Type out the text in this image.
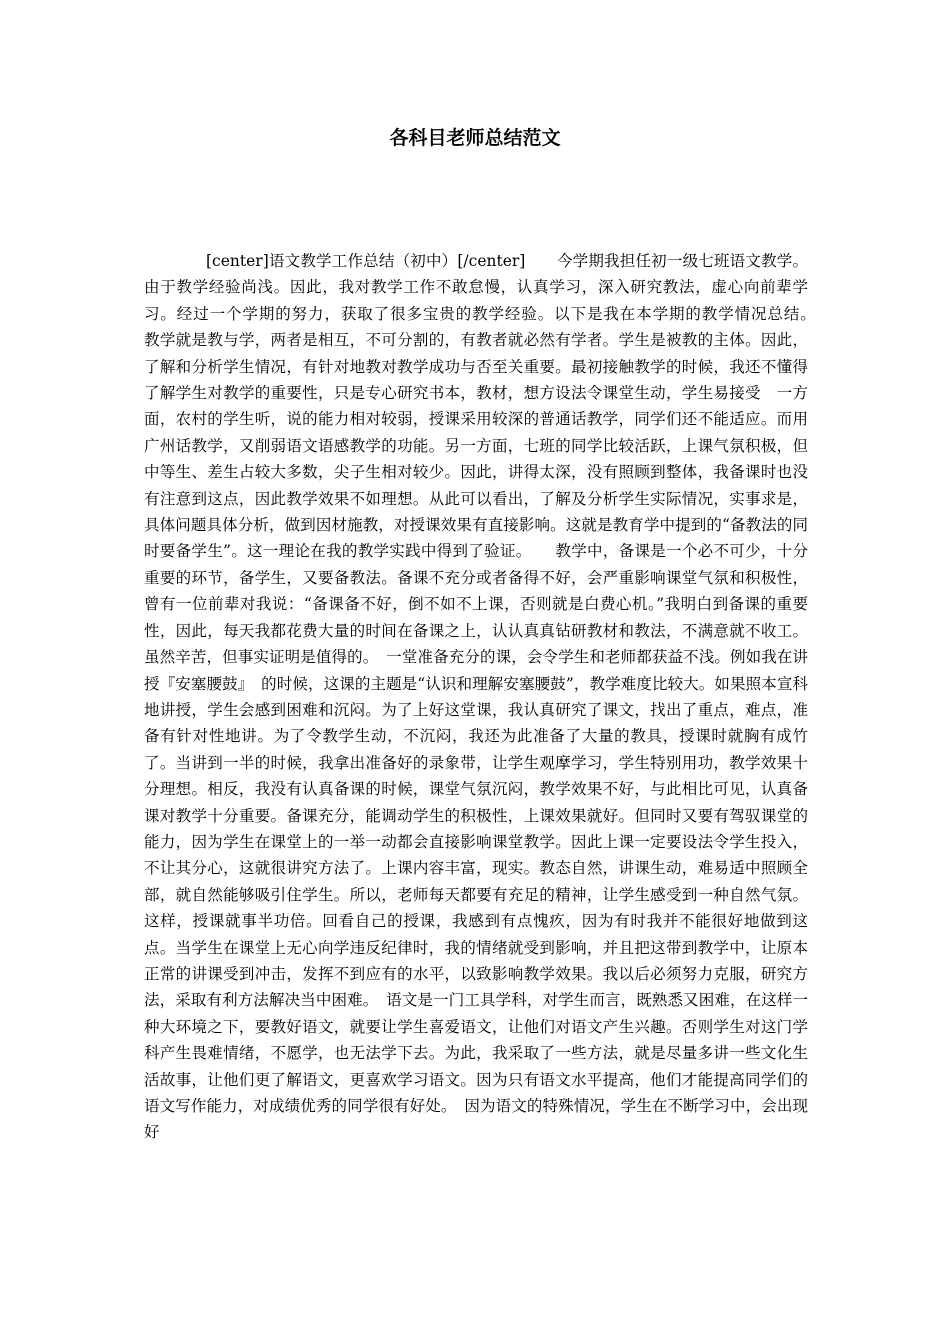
各科目老师总结范文

[center]语文教学工作总结（初中）[/center]　　今学期我担任初一级七班语文教学。由于教学经验尚浅。因此，我对教学工作不敢怠慢，认真学习，深入研究教法，虚心向前辈学习。经过一个学期的努力，获取了很多宝贵的教学经验。以下是我在本学期的教学情况总结。　　教学就是教与学，两者是相互，不可分割的，有教者就必然有学者。学生是被教的主体。因此，了解和分析学生情况，有针对地教对教学成功与否至关重要。最初接触教学的时候，我还不懂得了解学生对教学的重要性，只是专心研究书本，教材，想方设法令课堂生动，学生易接受　一方面，农村的学生听，说的能力相对较弱，授课采用较深的普通话教学，同学们还不能适应。而用广州话教学，又削弱语文语感教学的功能。另一方面，七班的同学比较活跃，上课气氛积极，但中等生、差生占较大多数，尖子生相对较少。因此，讲得太深，没有照顾到整体，我备课时也没有注意到这点，因此教学效果不如理想。从此可以看出，了解及分析学生实际情况，实事求是，具体问题具体分析，做到因材施教，对授课效果有直接影响。这就是教育学中提到的“备教法的同时要备学生”。这一理论在我的教学实践中得到了验证。　　教学中，备课是一个必不可少，十分重要的环节，备学生，又要备教法。备课不充分或者备得不好，会严重影响课堂气氛和积极性，曾有一位前辈对我说：“备课备不好，倒不如不上课，否则就是白费心机。”我明白到备课的重要性，因此，每天我都花费大量的时间在备课之上，认认真真钻研教材和教法，不满意就不收工。虽然辛苦，但事实证明是值得的。　一堂准备充分的课，会令学生和老师都获益不浅。例如我在讲授『安塞腰鼓』　的时候，这课的主题是“认识和理解安塞腰鼓”，教学难度比较大。如果照本宣科地讲授，学生会感到困难和沉闷。为了上好这堂课，我认真研究了课文，找出了重点，难点，准备有针对性地讲。为了令教学生动，不沉闷，我还为此准备了大量的教具，授课时就胸有成竹了。当讲到一半的时候，我拿出准备好的录象带，让学生观摩学习，学生特别用功，教学效果十分理想。相反，我没有认真备课的时候，课堂气氛沉闷，教学效果不好，与此相比可见，认真备课对教学十分重要。备课充分，能调动学生的积极性，上课效果就好。但同时又要有驾驭课堂的能力，因为学生在课堂上的一举一动都会直接影响课堂教学。因此上课一定要设法令学生投入，不让其分心，这就很讲究方法了。上课内容丰富，现实。教态自然，讲课生动，难易适中照顾全部，就自然能够吸引住学生。所以，老师每天都要有充足的精神，让学生感受到一种自然气氛。这样，授课就事半功倍。回看自己的授课，我感到有点愧疚，因为有时我并不能很好地做到这点。当学生在课堂上无心向学违反纪律时，我的情绪就受到影响，并且把这带到教学中，让原本正常的讲课受到冲击，发挥不到应有的水平，以致影响教学效果。我以后必须努力克服，研究方法，采取有利方法解决当中困难。　语文是一门工具学科，对学生而言，既熟悉又困难，在这样一种大环境之下，要教好语文，就要让学生喜爱语文，让他们对语文产生兴趣。否则学生对这门学科产生畏难情绪，不愿学，也无法学下去。为此，我采取了一些方法，就是尽量多讲一些文化生活故事，让他们更了解语文，更喜欢学习语文。因为只有语文水平提高，他们才能提高同学们的语文写作能力，对成绩优秀的同学很有好处。　因为语文的特殊情况，学生在不断学习中，会出现好
